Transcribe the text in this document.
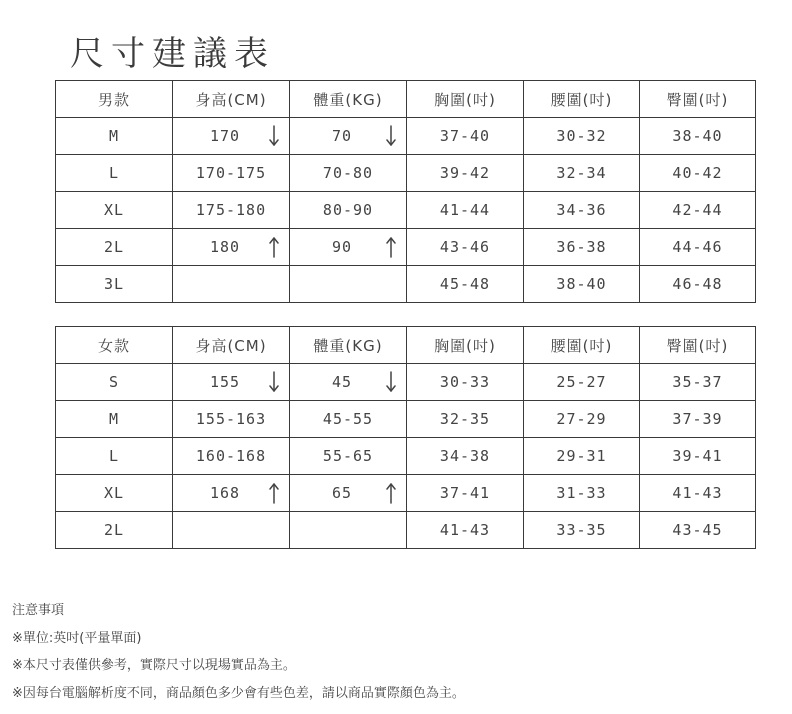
尺寸建議表
男款	身高(CM)	體重(KG)	胸圍(吋)	腰圍(吋)	臀圍(吋)
M	170	70	37-40	30-32	38-40
L	170-175	70-80	39-42	32-34	40-42
XL	175-180	80-90	41-44	34-36	42-44
2L	180	90	43-46	36-38	44-46
3L			45-48	38-40	46-48
女款	身高(CM)	體重(KG)	胸圍(吋)	腰圍(吋)	臀圍(吋)
S	155	45	30-33	25-27	35-37
M	155-163	45-55	32-35	27-29	37-39
L	160-168	55-65	34-38	29-31	39-41
XL	168	65	37-41	31-33	41-43
2L			41-43	33-35	43-45
注意事項
※單位:英吋(平量單面)
※本尺寸表僅供參考，實際尺寸以現場實品為主。
※因每台電腦解析度不同，商品顏色多少會有些色差，請以商品實際顏色為主。
